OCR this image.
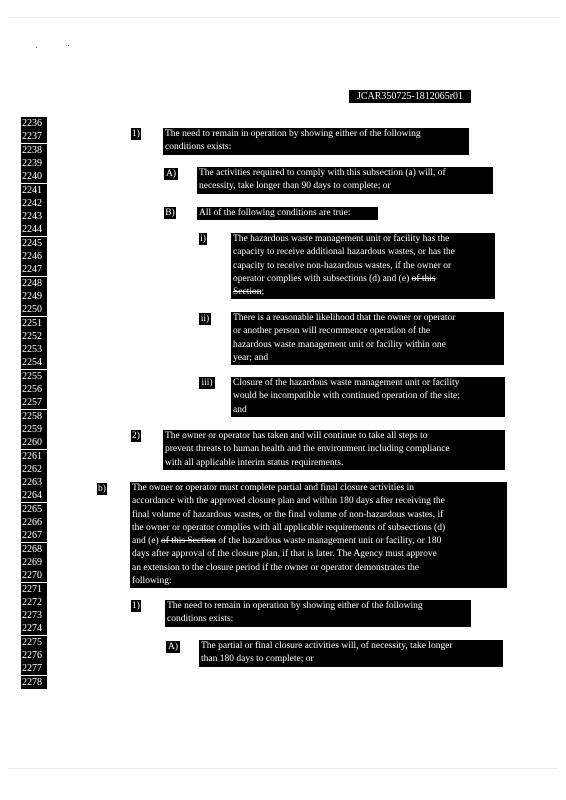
JCAR350725-1812065r01
2236
2237
2238
2239
2240
2241
2242
2243
2244
2245
2246
2247
2248
2249
2250
2251
2252
2253
2254
2255
2256
2257
2258
2259
2260
2261
2262
2263
2264
2265
2266
2267
2268
2269
2270
2271
2272
2273
2274
2275
2276
2277
2278
1)
A)
B)
i)
ii)
iii)
2)
b)
1)
A)
The need to remain in operation by showing either of the following
conditions exists:
The activities required to comply with this subsection (a) will, of
necessity, take longer than 90 days to complete; or
All of the following conditions are true:
The hazardous waste management unit or facility has the
capacity to receive additional hazardous wastes, or has the
capacity to receive non-hazardous wastes, if the owner or
operator complies with subsections (d) and (e) of this
Section;
There is a reasonable likelihood that the owner or operator
or another person will recommence operation of the
hazardous waste management unit or facility within one
year; and
Closure of the hazardous waste management unit or facility
would be incompatible with continued operation of the site;
and
The owner or operator has taken and will continue to take all steps to
prevent threats to human health and the environment including compliance
with all applicable interim status requirements.
The owner or operator must complete partial and final closure activities in
accordance with the approved closure plan and within 180 days after receiving the
final volume of hazardous wastes, or the final volume of non-hazardous wastes, if
the owner or operator complies with all applicable requirements of subsections (d)
and (e) of this Section of the hazardous waste management unit or facility, or 180
days after approval of the closure plan, if that is later. The Agency must approve
an extension to the closure period if the owner or operator demonstrates the
following:
The need to remain in operation by showing either of the following
conditions exists:
The partial or final closure activities will, of necessity, take longer
than 180 days to complete; or
